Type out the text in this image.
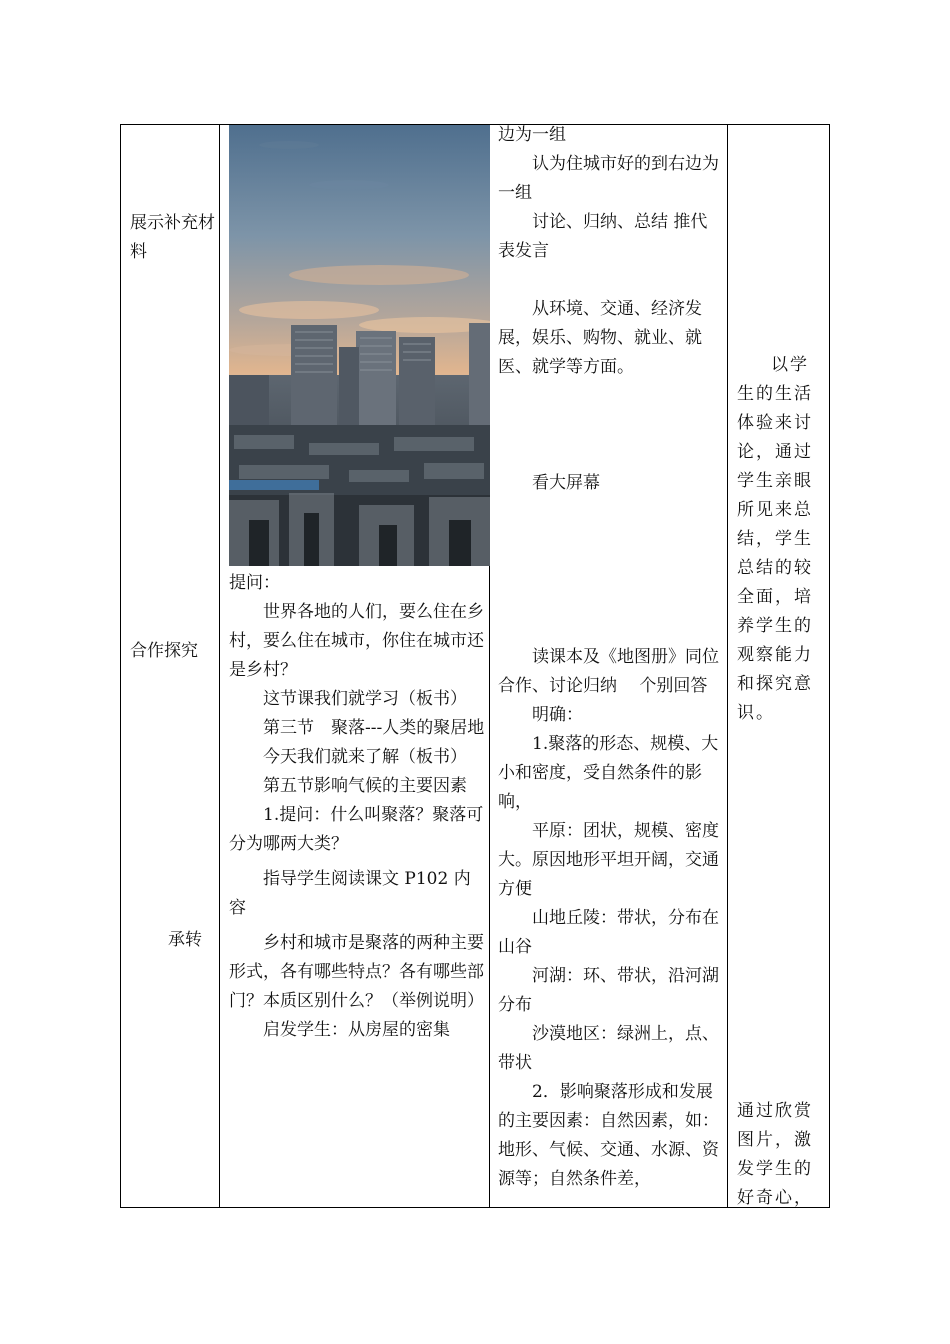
展示补充材料
合作探究
承转

提问：

世界各地的人们，要么住在乡村，要么住在城市，你住在城市还是乡村？

这节课我们就学习（板书）

第三节　聚落---人类的聚居地

今天我们就来了解（板书）

第五节影响气候的主要因素

1.提问：什么叫聚落？聚落可分为哪两大类？

指导学生阅读课文 P102 内容

乡村和城市是聚落的两种主要形式，各有哪些特点？各有哪些部门？本质区别什么？（举例说明）

启发学生：从房屋的密集

边为一组

认为住城市好的到右边为一组

讨论、归纳、总结 推代表发言

从环境、交通、经济发展，娱乐、购物、就业、就医、就学等方面。

看大屏幕

读课本及《地图册》同位合作、讨论归纳　 个别回答

明确：

1.聚落的形态、规模、大小和密度，受自然条件的影响，

平原：团状，规模、密度大。原因地形平坦开阔，交通方便

山地丘陵：带状，分布在山谷

河湖：环、带状，沿河湖分布

沙漠地区：绿洲上，点、带状

2．影响聚落形成和发展的主要因素：自然因素，如：地形、气候、交通、水源、资源等；自然条件差，

以学生的生活体验来讨论，通过学生亲眼所见来总结，学生总结的较全面，培养学生的观察能力和探究意识。
通过欣赏图片，激发学生的好奇心，
